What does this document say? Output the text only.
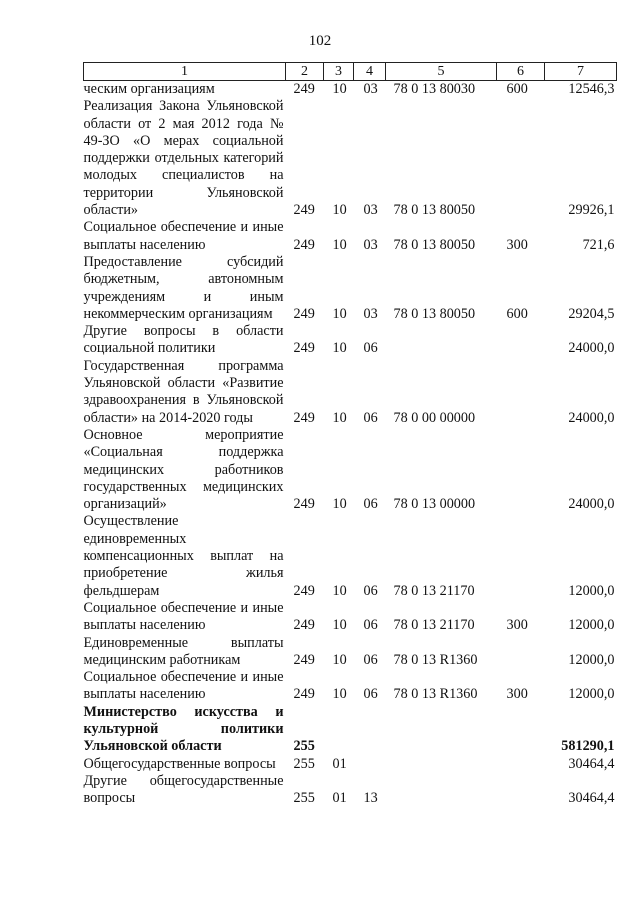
102
1	2	3	4	5	6	7
ческим организациям	249	10	03	78 0 13 80030	600	12546,3
Реализация Закона Ульяновской области от 2 мая 2012 года № 49-ЗО «О мерах социальной поддержки отдельных категорий молодых специалистов на территории Ульяновской области»	249	10	03	78 0 13 80050		29926,1
Социальное обеспечение и иные выплаты населению	249	10	03	78 0 13 80050	300	721,6
Предоставление субсидий бюджетным, автономным учреждениям и иным некоммерческим организациям	249	10	03	78 0 13 80050	600	29204,5
Другие вопросы в области социальной политики	249	10	06			24000,0
Государственная программа Ульяновской области «Развитие здравоохранения в Ульяновской области» на 2014-2020 годы	249	10	06	78 0 00 00000		24000,0
Основное мероприятие «Социальная поддержка медицинских работников государственных медицинских организаций»	249	10	06	78 0 13 00000		24000,0
Осуществление единовременных компенсационных выплат на приобретение жилья фельдшерам	249	10	06	78 0 13 21170		12000,0
Социальное обеспечение и иные выплаты населению	249	10	06	78 0 13 21170	300	12000,0
Единовременные выплаты медицинским работникам	249	10	06	78 0 13 R1360		12000,0
Социальное обеспечение и иные выплаты населению	249	10	06	78 0 13 R1360	300	12000,0
Министерство искусства и культурной политики Ульяновской области	255					581290,1
Общегосударственные вопросы	255	01				30464,4
Другие общегосударственные вопросы	255	01	13			30464,4
